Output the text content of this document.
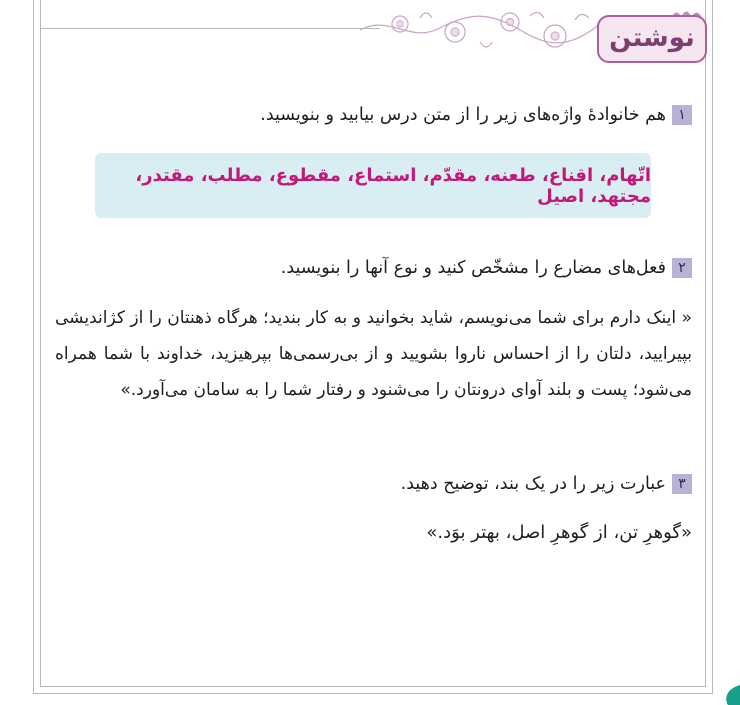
نوشتن
۱هم خانوادهٔ واژه‌های زیر را از متن درس بیابید و بنویسید.
اتّهام، اقناع، طعنه، مقدّم، استماع، مقطوع، مطلب، مقتدر، مجتهد، اصیل
۲فعل‌های مضارع را مشخّص کنید و نوع آنها را بنویسید.
« اینک دارم برای شما می‌نویسم، شاید بخوانید و به کار بندید؛ هرگاه ذهنتان را از کژاندیشی بپیرایید، دلتان را از احساس ناروا بشویید و از بی‌رسمی‌ها بپرهیزید، خداوند با شما همراه می‌شود؛ پست و بلند آوای درونتان را می‌شنود و رفتار شما را به سامان می‌آورد.»
۳عبارت زیر را در یک بند، توضیح دهید.
«گوهرِ تن، از گوهرِ اصل، بهتر بوَد.»
